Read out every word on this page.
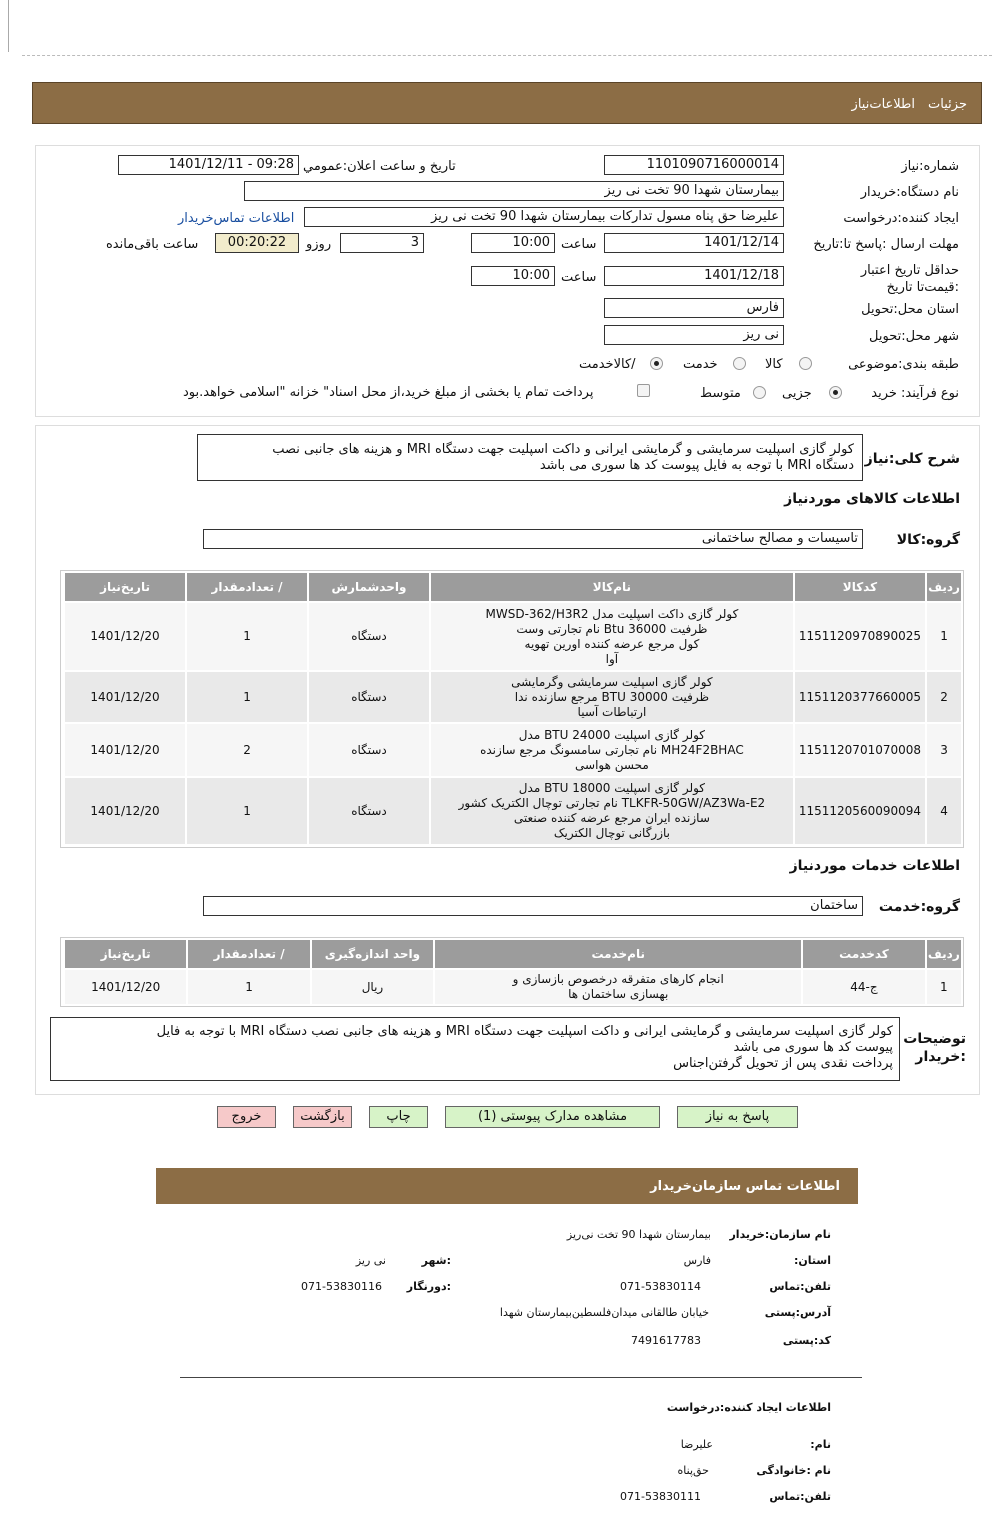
جزئیات
اطلاعات‌نیاز
شماره:نیاز
1101090716000014
تاریخ و ساعت اعلان:عمومي
1401/12/11 - 09:28
نام دستگاه:خریدار
بیمارستان شهدا 90 تخت نی ریز
ایجاد کننده:درخواست
علیرضا حق پناه مسول تدارکات بیمارستان شهدا 90 تخت نی ریز
اطلاعات تماس‌خریدار
مهلت ارسال :پاسخ تا:تاریخ
1401/12/14
ساعت
10:00
3
روزو
00:20:22
ساعت باقی‌مانده
حداقل تاریخ اعتبار :قیمت‌تا تاریخ
1401/12/18
ساعت
10:00
استان محل:تحویل
فارس
شهر محل:تحویل
نی ریز
طبقه بندی:موضوعی
کالا
خدمت
/کالاخدمت
نوع فرآیند: خرید
جزیی
متوسط
پرداخت تمام یا بخشی از مبلغ خرید،از محل اسناد" خزانه "اسلامی خواهد.بود
شرح کلی:نیاز
کولر گازی اسپلیت سرمایشی و گرمایشی ایرانی و داکت اسپلیت جهت دستگاه MRI و هزینه های جانبی نصب
دستگاه MRI با توجه به فایل پیوست کد ها سوری می باشد
اطلاعات کالاهای موردنیاز
گروه:کالا
تاسیسات و مصالح ساختمانی
ردیف	کدکالا	نام‌کالا	واحدشمارش	/ تعدادمقدار	تاریخ‌نیاز
1	1151120970890025	کولر گازی داکت اسپلیت مدل MWSD-362/H3R2
ظرفیت 36000 Btu نام تجارتی وست
کول مرجع عرضه کننده اورین تهویه
آوا	دستگاه	1	1401/12/20
2	1151120377660005	کولر گازی اسپلیت سرمایشی وگرمایشی
ظرفیت 30000 BTU مرجع سازنده ندا
ارتباطات آسیا	دستگاه	1	1401/12/20
3	1151120701070008	کولر گازی اسپلیت 24000 BTU مدل
MH24F2BHAC نام تجارتی سامسونگ مرجع سازنده
محسن هواسی	دستگاه	2	1401/12/20
4	1151120560090094	کولر گازی اسپلیت 18000 BTU مدل
TLKFR-50GW/AZ3Wa-E2 نام تجارتی توچال الکتریک کشور
سازنده ایران مرجع عرضه کننده صنعتی
بازرگانی توچال الکتریک	دستگاه	1	1401/12/20
اطلاعات خدمات موردنیاز
گروه:خدمت
ساختمان
ردیف	کدخدمت	نام‌خدمت	واحد اندازه‌گیری	/ تعدادمقدار	تاریخ‌نیاز
1	ج-44	انجام کارهای متفرقه درخصوص بازسازی و
بهسازی ساختمان ها	ریال	1	1401/12/20
توضیحات :خریدار
کولر گازی اسپلیت سرمایشی و گرمایشی ایرانی و داکت اسپلیت جهت دستگاه MRI و هزینه های جانبی نصب دستگاه MRI با توجه به فایل
پیوست کد ها سوری می باشد
پرداخت نقدی پس از تحویل گرفتن‌اجناس
پاسخ به نیاز
مشاهده مدارک پیوستی (1)
چاپ
بازگشت
خروج
اطلاعات تماس سازمان‌خریدار
نام سازمان:خریدار
بیمارستان شهدا 90 تخت نی‌ریز
استان:
فارس
:شهر
نی ریز
تلفن:تماس
071-53830114
:دورنگار
071-53830116
آدرس:پستی
خیابان طالقانی میدان‌فلسطین‌بیمارستان شهدا
کد:پستی
7491617783
اطلاعات ایجاد کننده:درخواست
نام:
علیرضا
نام :خانوادگی
حق‌پناه
تلفن:تماس
071-53830111
